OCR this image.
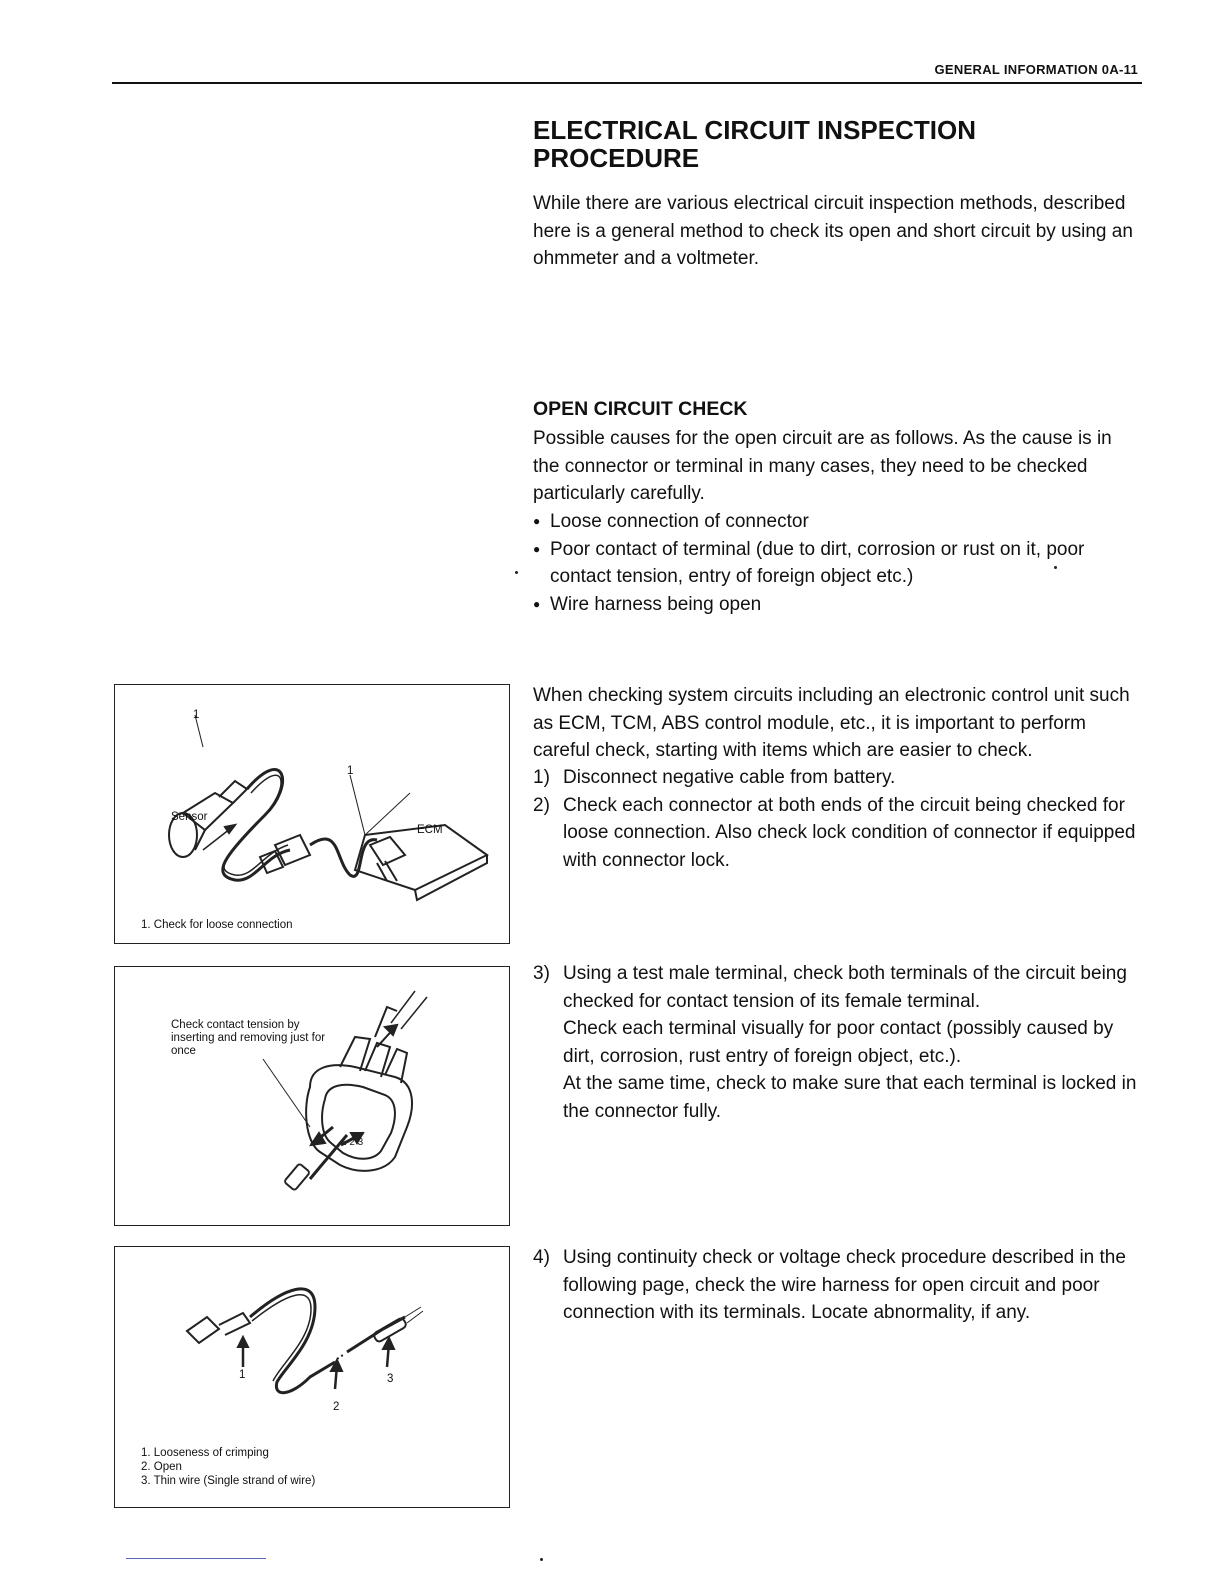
GENERAL INFORMATION 0A-11
ELECTRICAL CIRCUIT INSPECTION PROCEDURE

While there are various electrical circuit inspection methods, described here is a general method to check its open and short circuit by using an ohmmeter and a voltmeter.

OPEN CIRCUIT CHECK

Possible causes for the open circuit are as follows. As the cause is in the connector or terminal in many cases, they need to be checked particularly carefully.

● Loose connection of connector
● Poor contact of terminal (due to dirt, corrosion or rust on it, poor contact tension, entry of foreign object etc.)
● Wire harness being open

When checking system circuits including an electronic control unit such as ECM, TCM, ABS control module, etc., it is important to perform careful check, starting with items which are easier to check.

1) Disconnect negative cable from battery.
2) Check each connector at both ends of the circuit being checked for loose connection. Also check lock condition of connector if equipped with connector lock.
3) Using a test male terminal, check both terminals of the circuit being checked for contact tension of its female terminal.
Check each terminal visually for poor contact (possibly caused by dirt, corrosion, rust entry of foreign object, etc.).
At the same time, check to make sure that each terminal is locked in the connector fully.
4) Using continuity check or voltage check procedure described in the following page, check the wire harness for open circuit and poor connection with its terminals. Locate abnormality, if any.
1
1
Sensor
ECM
1. Check for loose connection
1 2 3
Check contact tension by
inserting and removing just for
once
1
2
3
1. Looseness of crimping
2. Open
3. Thin wire (Single strand of wire)
